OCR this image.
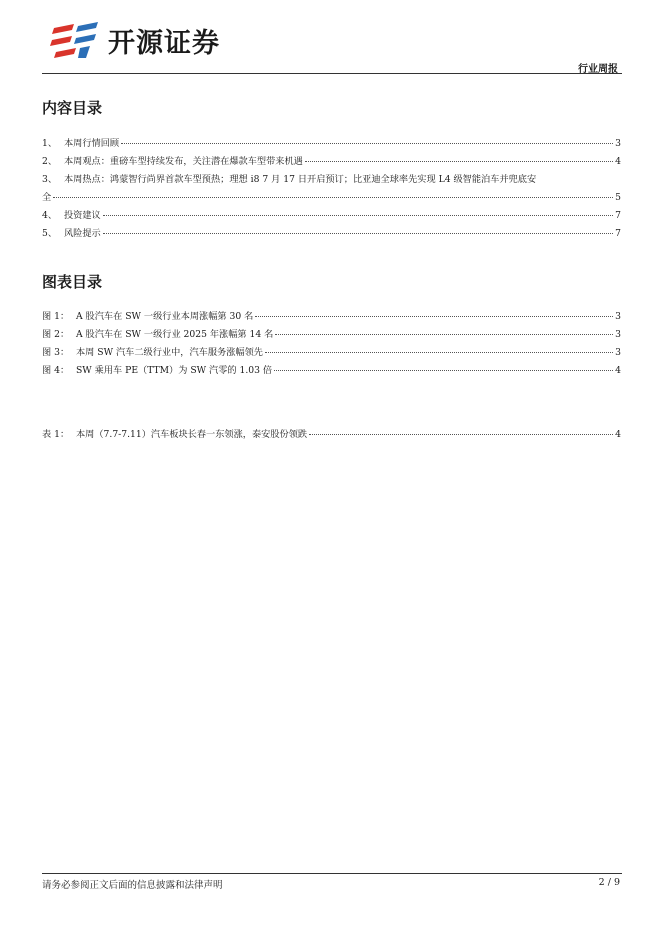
开源证券
行业周报
内容目录
1、 本周行情回顾	3
2、 本周观点：重磅车型持续发布，关注潜在爆款车型带来机遇	4
3、 本周热点：鸿蒙智行尚界首款车型预热；理想 i8 7 月 17 日开启预订；比亚迪全球率先实现 L4 级智能泊车并兜底安
全	5
4、 投资建议	7
5、 风险提示	7
图表目录
图 1： A 股汽车在 SW 一级行业本周涨幅第 30 名	3
图 2： A 股汽车在 SW 一级行业 2025 年涨幅第 14 名	3
图 3： 本周 SW 汽车二级行业中，汽车服务涨幅领先	3
图 4： SW 乘用车 PE（TTM）为 SW 汽零的 1.03 倍	4
表 1： 本周（7.7-7.11）汽车板块长春一东领涨，泰安股份领跌	4
请务必参阅正文后面的信息披露和法律声明	2 / 9
